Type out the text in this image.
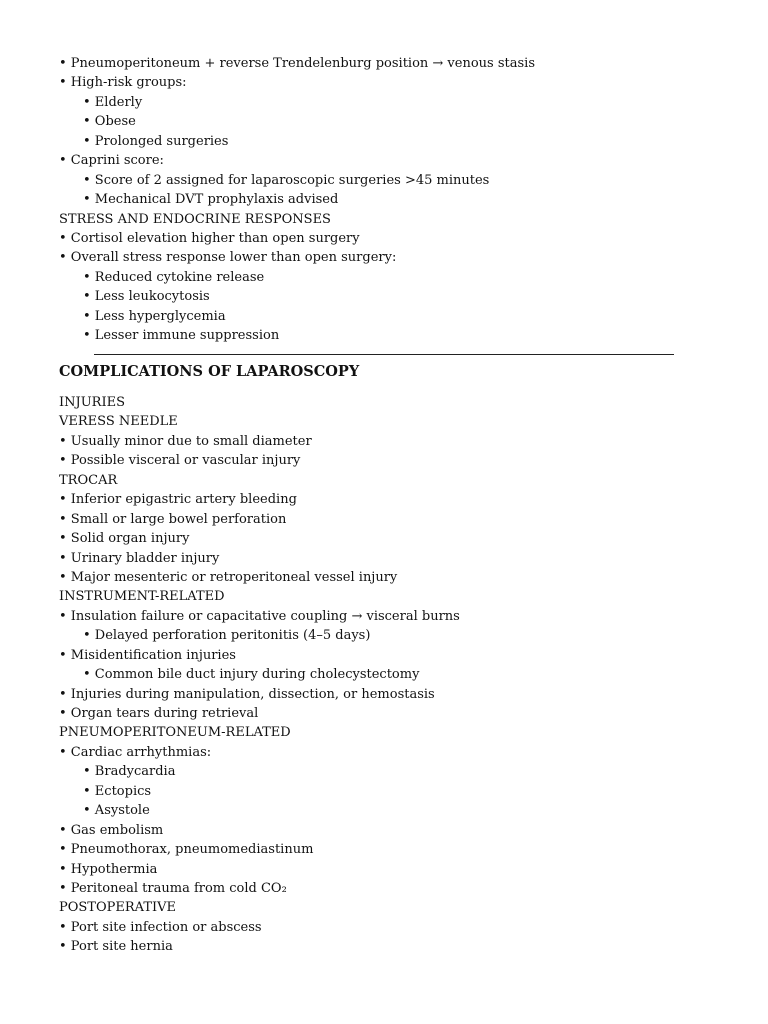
• Pneumoperitoneum + reverse Trendelenburg position → venous stasis
• High-risk groups:
• Elderly
• Obese
• Prolonged surgeries
• Caprini score:
• Score of 2 assigned for laparoscopic surgeries >45 minutes
• Mechanical DVT prophylaxis advised
STRESS AND ENDOCRINE RESPONSES
• Cortisol elevation higher than open surgery
• Overall stress response lower than open surgery:
• Reduced cytokine release
• Less leukocytosis
• Less hyperglycemia
• Lesser immune suppression
COMPLICATIONS OF LAPAROSCOPY
INJURIES
VERESS NEEDLE
• Usually minor due to small diameter
• Possible visceral or vascular injury
TROCAR
• Inferior epigastric artery bleeding
• Small or large bowel perforation
• Solid organ injury
• Urinary bladder injury
• Major mesenteric or retroperitoneal vessel injury
INSTRUMENT-RELATED
• Insulation failure or capacitative coupling → visceral burns
• Delayed perforation peritonitis (4–5 days)
• Misidentification injuries
• Common bile duct injury during cholecystectomy
• Injuries during manipulation, dissection, or hemostasis
• Organ tears during retrieval
PNEUMOPERITONEUM-RELATED
• Cardiac arrhythmias:
• Bradycardia
• Ectopics
• Asystole
• Gas embolism
• Pneumothorax, pneumomediastinum
• Hypothermia
• Peritoneal trauma from cold CO₂
POSTOPERATIVE
• Port site infection or abscess
• Port site hernia
